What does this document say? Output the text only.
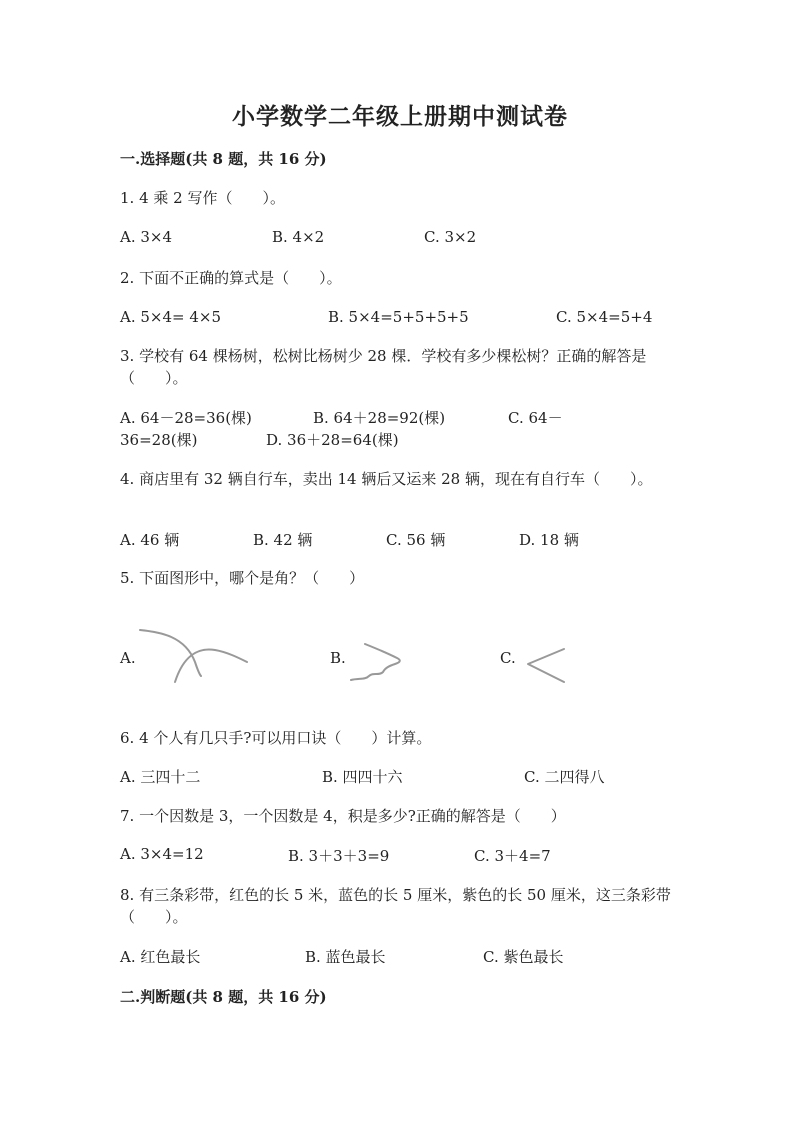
小学数学二年级上册期中测试卷
一.选择题(共 8 题，共 16 分)
1. 4 乘 2 写作（　　）。
A. 3×4	B. 4×2	C. 3×2
2. 下面不正确的算式是（　　）。
A. 5×4= 4×5	B. 5×4=5+5+5+5	C. 5×4=5+4
3. 学校有 64 棵杨树，松树比杨树少 28 棵．学校有多少棵松树？正确的解答是（　　）。
A. 64－28=36(棵)	B. 64＋28=92(棵)	C. 64－
36=28(棵)	D. 36＋28=64(棵)
4. 商店里有 32 辆自行车，卖出 14 辆后又运来 28 辆，现在有自行车（　　）。
A. 46 辆	B. 42 辆	C. 56 辆	D. 18 辆
5. 下面图形中，哪个是角？（　　）
A.	B.	C.
6. 4 个人有几只手?可以用口诀（　　）计算。
A. 三四十二	B. 四四十六	C. 二四得八
7. 一个因数是 3，一个因数是 4，积是多少?正确的解答是（　　）
A. 3×4=12	B. 3＋3＋3=9	C. 3＋4=7
8. 有三条彩带，红色的长 5 米，蓝色的长 5 厘米，紫色的长 50 厘米，这三条彩带（　　）。
A. 红色最长	B. 蓝色最长	C. 紫色最长
二.判断题(共 8 题，共 16 分)
